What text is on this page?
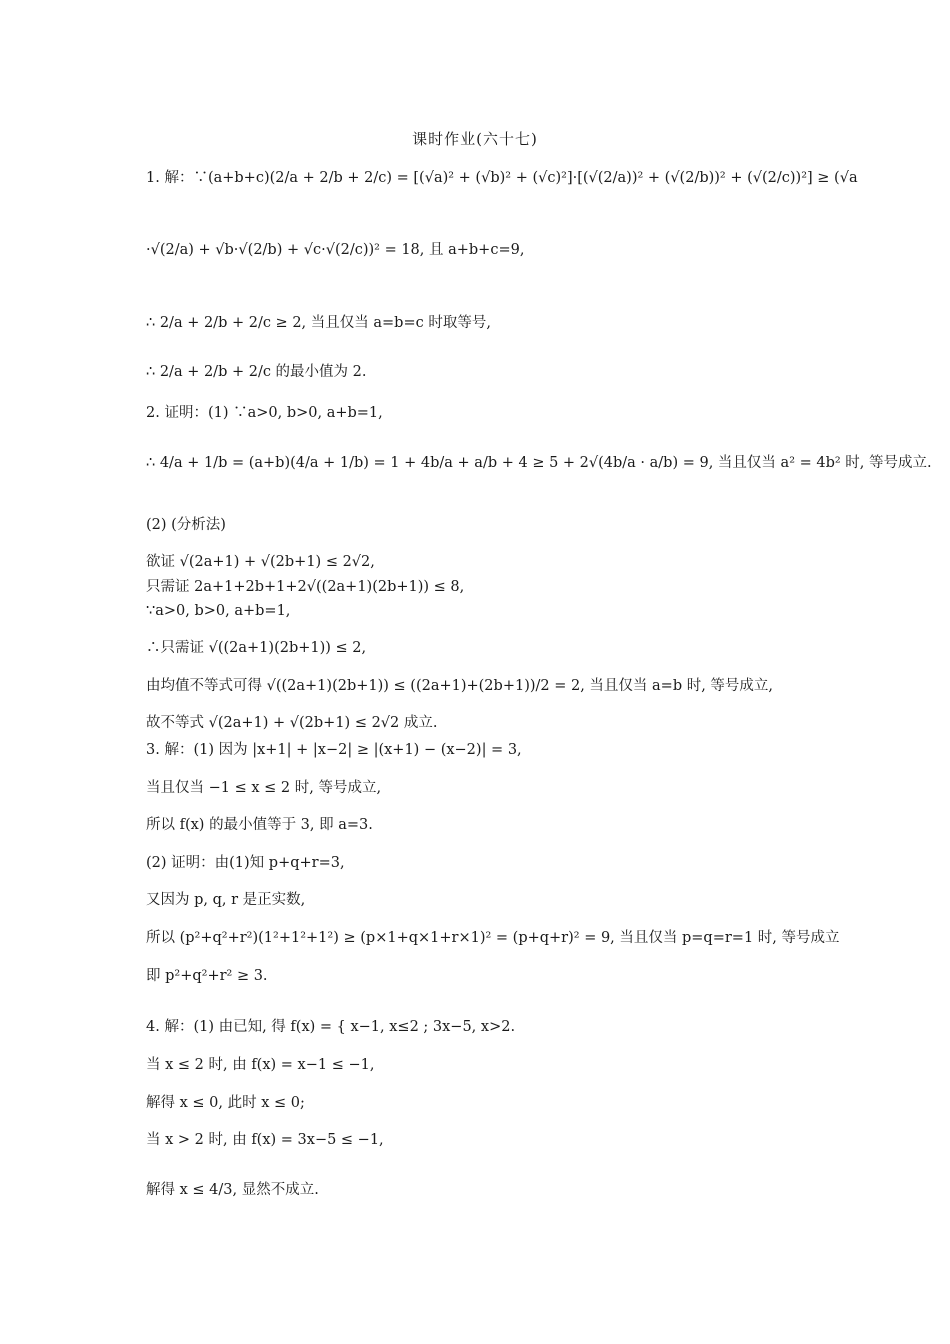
课时作业(六十七)
1. 解：∵(a+b+c)(2/a + 2/b + 2/c) = [(√a)² + (√b)² + (√c)²]·[(√(2/a))² + (√(2/b))² + (√(2/c))²] ≥ (√a
·√(2/a) + √b·√(2/b) + √c·√(2/c))² = 18, 且 a+b+c=9,
∴ 2/a + 2/b + 2/c ≥ 2, 当且仅当 a=b=c 时取等号,
∴ 2/a + 2/b + 2/c 的最小值为 2.
2. 证明：(1) ∵a>0, b>0, a+b=1,
∴ 4/a + 1/b = (a+b)(4/a + 1/b) = 1 + 4b/a + a/b + 4 ≥ 5 + 2√(4b/a · a/b) = 9, 当且仅当 a² = 4b² 时, 等号成立.
(2) (分析法)
欲证 √(2a+1) + √(2b+1) ≤ 2√2,
只需证 2a+1+2b+1+2√((2a+1)(2b+1)) ≤ 8,
∵a>0, b>0, a+b=1,
∴只需证 √((2a+1)(2b+1)) ≤ 2,
由均值不等式可得 √((2a+1)(2b+1)) ≤ ((2a+1)+(2b+1))/2 = 2, 当且仅当 a=b 时, 等号成立,
故不等式 √(2a+1) + √(2b+1) ≤ 2√2 成立.
3. 解：(1) 因为 |x+1| + |x−2| ≥ |(x+1) − (x−2)| = 3,
当且仅当 −1 ≤ x ≤ 2 时, 等号成立,
所以 f(x) 的最小值等于 3, 即 a=3.
(2) 证明：由(1)知 p+q+r=3,
又因为 p, q, r 是正实数,
所以 (p²+q²+r²)(1²+1²+1²) ≥ (p×1+q×1+r×1)² = (p+q+r)² = 9, 当且仅当 p=q=r=1 时, 等号成立
即 p²+q²+r² ≥ 3.
4. 解：(1) 由已知, 得 f(x) = { x−1, x≤2 ; 3x−5, x>2.
当 x ≤ 2 时, 由 f(x) = x−1 ≤ −1,
解得 x ≤ 0, 此时 x ≤ 0;
当 x > 2 时, 由 f(x) = 3x−5 ≤ −1,
解得 x ≤ 4/3, 显然不成立.
